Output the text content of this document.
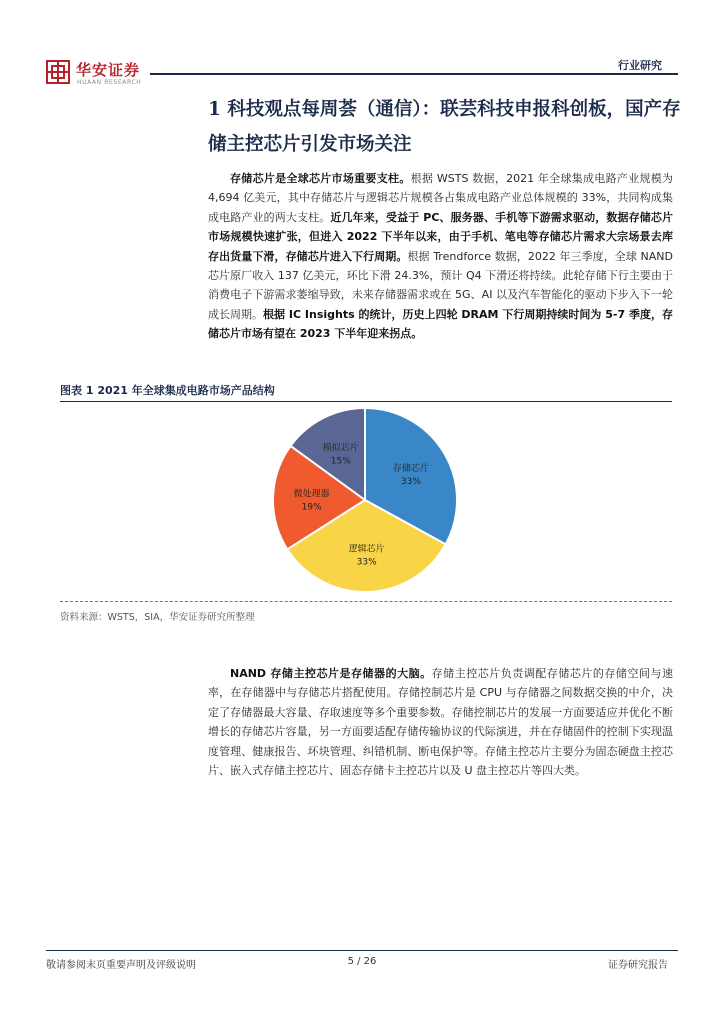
华安证券
HUAAN RESEARCH
行业研究
1 科技观点每周荟（通信）：联芸科技申报科创板，国产存储主控芯片引发市场关注

存储芯片是全球芯片市场重要支柱。根据 WSTS 数据，2021 年全球集成电路产业规模为 4,694 亿美元，其中存储芯片与逻辑芯片规模各占集成电路产业总体规模的 33%，共同构成集成电路产业的两大支柱。近几年来，受益于 PC、服务器、手机等下游需求驱动，数据存储芯片市场规模快速扩张，但进入 2022 下半年以来，由于手机、笔电等存储芯片需求大宗场景去库存出货量下滑，存储芯片进入下行周期。根据 Trendforce 数据，2022 年三季度，全球 NAND 芯片原厂收入 137 亿美元，环比下滑 24.3%，预计 Q4 下滑还将持续。此轮存储下行主要由于消费电子下游需求萎缩导致，未来存储器需求或在 5G、AI 以及汽车智能化的驱动下步入下一轮成长周期。根据 IC Insights 的统计，历史上四轮 DRAM 下行周期持续时间为 5-7 季度，存储芯片市场有望在 2023 下半年迎来拐点。

图表 1 2021 年全球集成电路市场产品结构
存储芯片
33%
逻辑芯片
33%
微处理器
19%
模拟芯片
15%
资料来源：WSTS，SIA，华安证券研究所整理

NAND 存储主控芯片是存储器的大脑。存储主控芯片负责调配存储芯片的存储空间与速率，在存储器中与存储芯片搭配使用。存储控制芯片是 CPU 与存储器之间数据交换的中介，决定了存储器最大容量、存取速度等多个重要参数。存储控制芯片的发展一方面要适应并优化不断增长的存储芯片容量，另一方面要适配存储传输协议的代际演进，并在存储固件的控制下实现温度管理、健康报告、坏块管理、纠错机制、断电保护等。存储主控芯片主要分为固态硬盘主控芯片、嵌入式存储主控芯片、固态存储卡主控芯片以及 U 盘主控芯片等四大类。

敬请参阅末页重要声明及评级说明	5 / 26	证券研究报告
